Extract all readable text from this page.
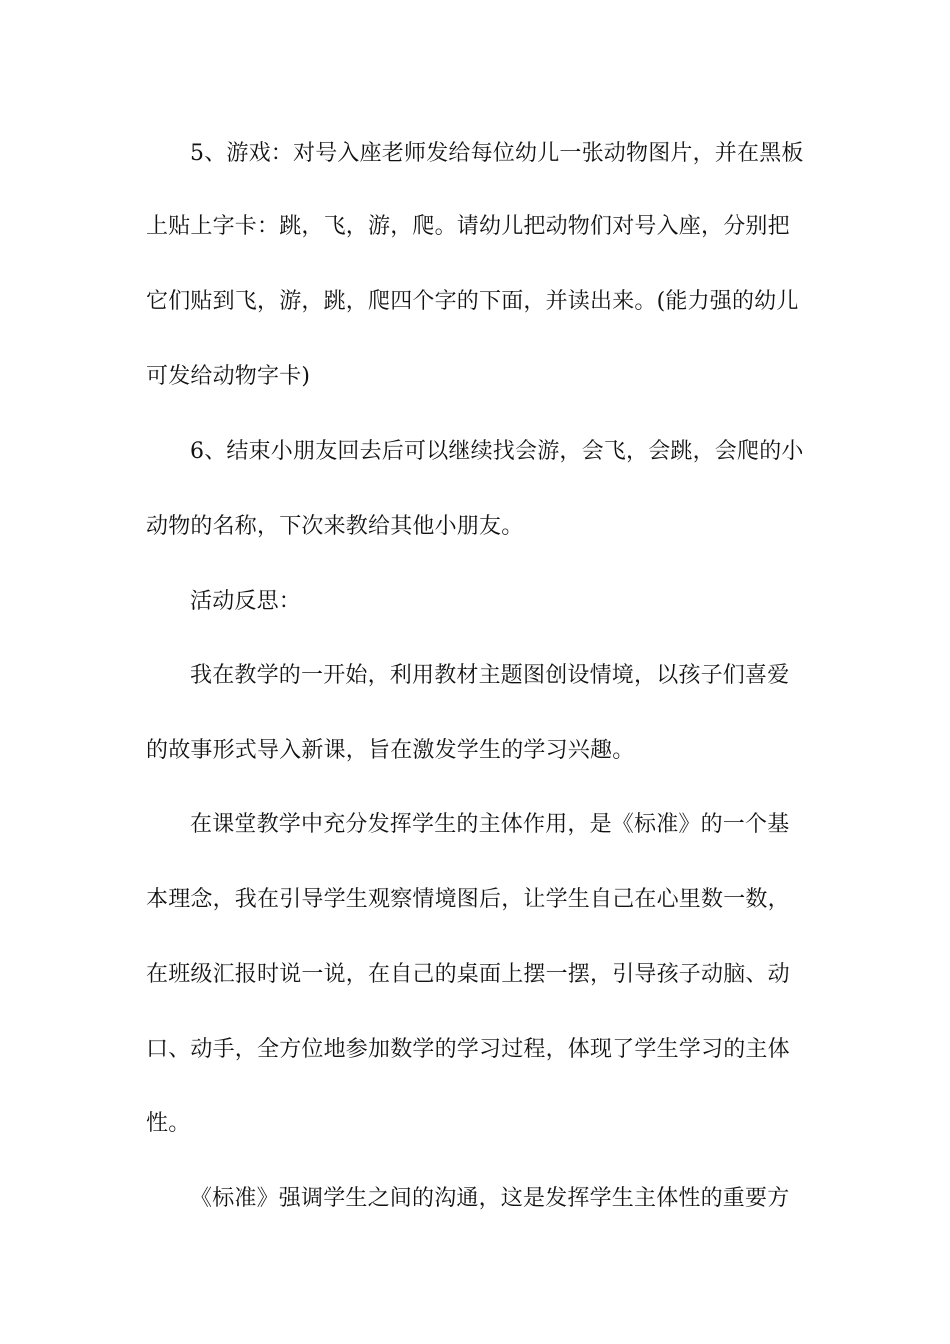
5、游戏：对号入座老师发给每位幼儿一张动物图片，并在黑板
上贴上字卡：跳，飞，游，爬。请幼儿把动物们对号入座，分别把
它们贴到飞，游，跳，爬四个字的下面，并读出来。(能力强的幼儿
可发给动物字卡)
6、结束小朋友回去后可以继续找会游，会飞，会跳，会爬的小
动物的名称，下次来教给其他小朋友。
活动反思：
我在教学的一开始，利用教材主题图创设情境，以孩子们喜爱
的故事形式导入新课，旨在激发学生的学习兴趣。
在课堂教学中充分发挥学生的主体作用，是《标准》的一个基
本理念，我在引导学生观察情境图后，让学生自己在心里数一数，
在班级汇报时说一说，在自己的桌面上摆一摆，引导孩子动脑、动
口、动手，全方位地参加数学的学习过程，体现了学生学习的主体
性。
《标准》强调学生之间的沟通，这是发挥学生主体性的重要方
